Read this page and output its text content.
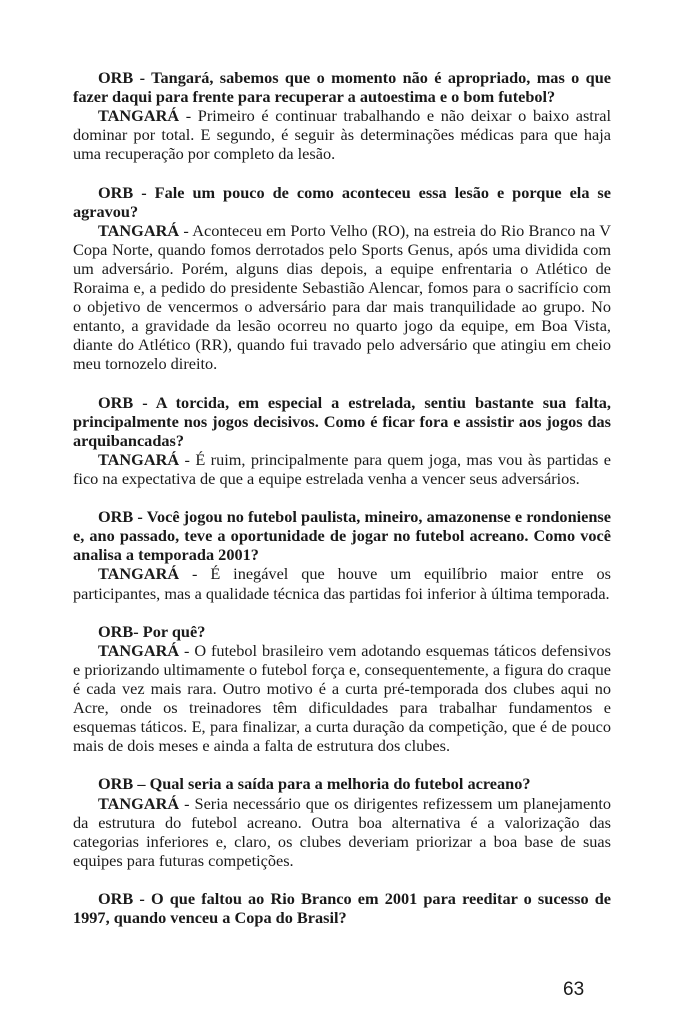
ORB - Tangará, sabemos que o momento não é apropriado, mas o que fazer daqui para frente para recuperar a autoestima e o bom futebol?

TANGARÁ - Primeiro é continuar trabalhando e não deixar o baixo astral dominar por total. E segundo, é seguir às determinações médicas para que haja uma recuperação por completo da lesão.

ORB - Fale um pouco de como aconteceu essa lesão e porque ela se agravou?

TANGARÁ - Aconteceu em Porto Velho (RO), na estreia do Rio Branco na V Copa Norte, quando fomos derrotados pelo Sports Genus, após uma dividida com um adversário. Porém, alguns dias depois, a equipe enfrentaria o Atlético de Roraima e, a pedido do presidente Sebastião Alencar, fomos para o sacrifício com o objetivo de vencermos o adversário para dar mais tranquilidade ao grupo. No entanto, a gravidade da lesão ocorreu no quarto jogo da equipe, em Boa Vista, diante do Atlético (RR), quando fui travado pelo adversário que atingiu em cheio meu tornozelo direito.

ORB - A torcida, em especial a estrelada, sentiu bastante sua falta, principalmente nos jogos decisivos. Como é ficar fora e assistir aos jogos das arquibancadas?

TANGARÁ - É ruim, principalmente para quem joga, mas vou às partidas e fico na expectativa de que a equipe estrelada venha a vencer seus adversários.

ORB - Você jogou no futebol paulista, mineiro, amazonense e rondoniense e, ano passado, teve a oportunidade de jogar no futebol acreano. Como você analisa a temporada 2001?

TANGARÁ - É inegável que houve um equilíbrio maior entre os participantes, mas a qualidade técnica das partidas foi inferior à última temporada.

ORB- Por quê?

TANGARÁ - O futebol brasileiro vem adotando esquemas táticos defensivos e priorizando ultimamente o futebol força e, consequentemente, a figura do craque é cada vez mais rara. Outro motivo é a curta pré-temporada dos clubes aqui no Acre, onde os treinadores têm dificuldades para trabalhar fundamentos e esquemas táticos. E, para finalizar, a curta duração da competição, que é de pouco mais de dois meses e ainda a falta de estrutura dos clubes.

ORB – Qual seria a saída para a melhoria do futebol acreano?

TANGARÁ - Seria necessário que os dirigentes refizessem um planejamento da estrutura do futebol acreano. Outra boa alternativa é a valorização das categorias inferiores e, claro, os clubes deveriam priorizar a boa base de suas equipes para futuras competições.

ORB - O que faltou ao Rio Branco em 2001 para reeditar o sucesso de 1997, quando venceu a Copa do Brasil?

63
